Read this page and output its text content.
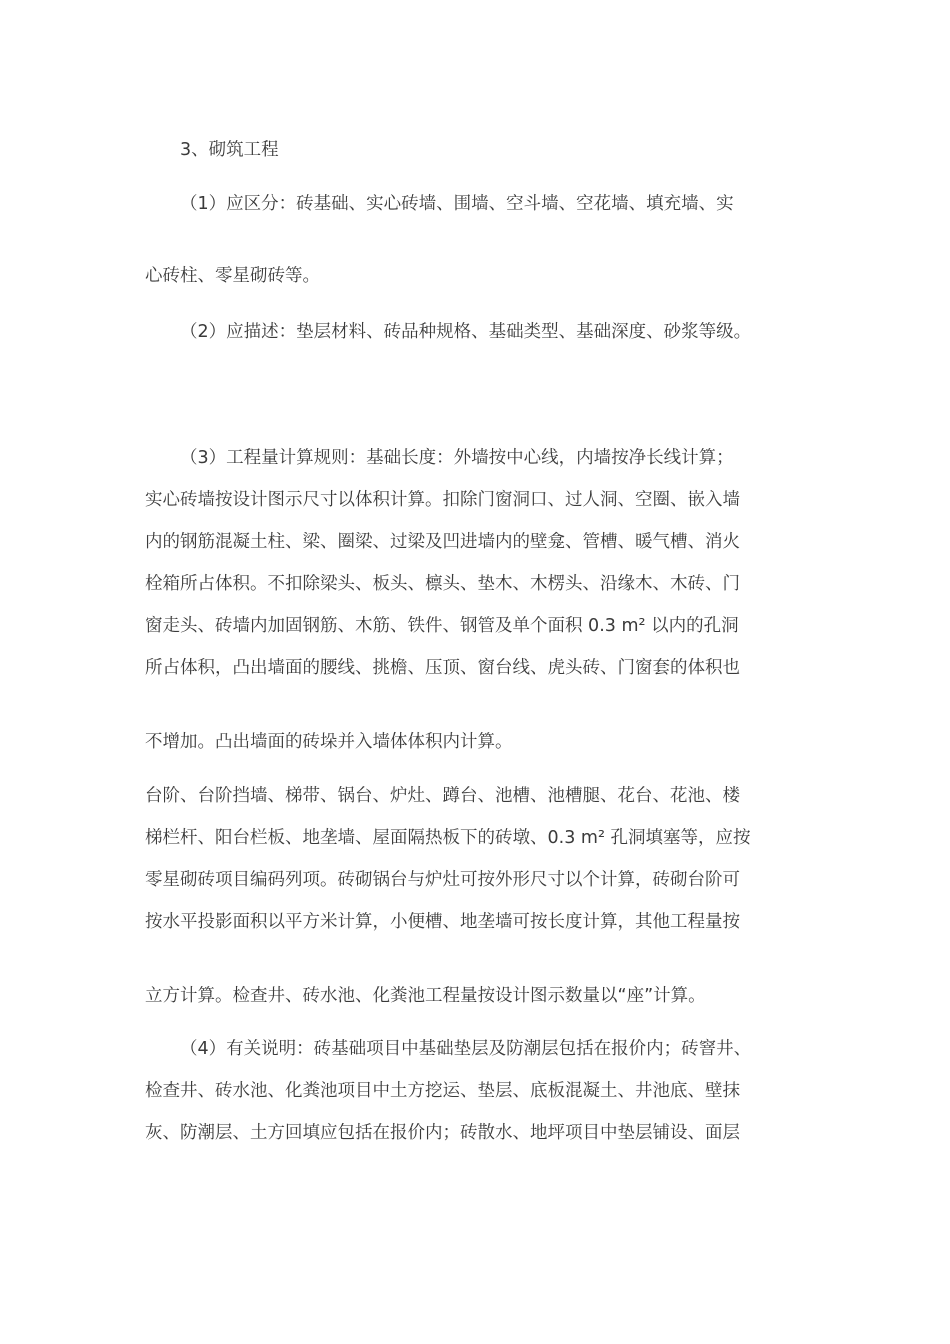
3、砌筑工程
（1）应区分：砖基础、实心砖墙、围墙、空斗墙、空花墙、填充墙、实
心砖柱、零星砌砖等。
（2）应描述：垫层材料、砖品种规格、基础类型、基础深度、砂浆等级。
（3）工程量计算规则：基础长度：外墙按中心线，内墙按净长线计算；
实心砖墙按设计图示尺寸以体积计算。扣除门窗洞口、过人洞、空圈、嵌入墙
内的钢筋混凝土柱、梁、圈梁、过梁及凹进墙内的壁龛、管槽、暖气槽、消火
栓箱所占体积。不扣除梁头、板头、檩头、垫木、木楞头、沿缘木、木砖、门
窗走头、砖墙内加固钢筋、木筋、铁件、钢管及单个面积 0.3 m² 以内的孔洞
所占体积，凸出墙面的腰线、挑檐、压顶、窗台线、虎头砖、门窗套的体积也
不增加。凸出墙面的砖垛并入墙体体积内计算。
台阶、台阶挡墙、梯带、锅台、炉灶、蹲台、池槽、池槽腿、花台、花池、楼
梯栏杆、阳台栏板、地垄墙、屋面隔热板下的砖墩、0.3 m² 孔洞填塞等，应按
零星砌砖项目编码列项。砖砌锅台与炉灶可按外形尺寸以个计算，砖砌台阶可
按水平投影面积以平方米计算，小便槽、地垄墙可按长度计算，其他工程量按
立方计算。检查井、砖水池、化粪池工程量按设计图示数量以“座”计算。
（4）有关说明：砖基础项目中基础垫层及防潮层包括在报价内；砖窨井、
检查井、砖水池、化粪池项目中土方挖运、垫层、底板混凝土、井池底、壁抹
灰、防潮层、土方回填应包括在报价内；砖散水、地坪项目中垫层铺设、面层
